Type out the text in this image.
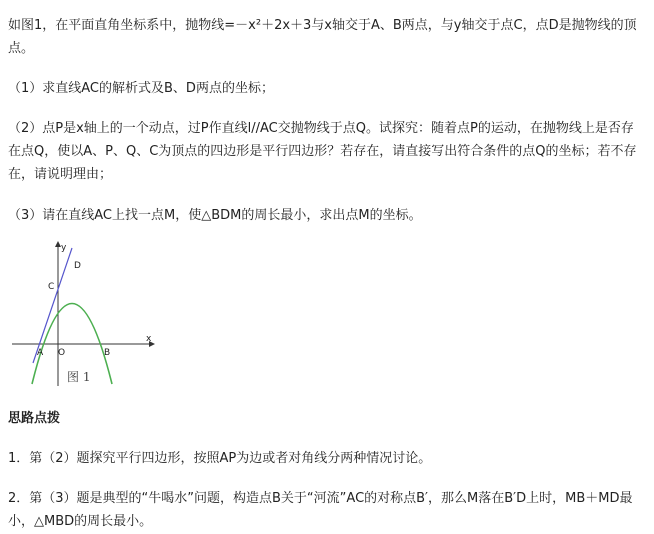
如图1，在平面直角坐标系中，抛物线=－x²＋2x＋3与x轴交于A、B两点，与y轴交于点C，点D是抛物线的顶点。

（1）求直线AC的解析式及B、D两点的坐标；

（2）点P是x轴上的一个动点，过P作直线l//AC交抛物线于点Q。试探究：随着点P的运动，在抛物线上是否存在点Q，使以A、P、Q、C为顶点的四边形是平行四边形？若存在，请直接写出符合条件的点Q的坐标；若不存在，请说明理由；

（3）请在直线AC上找一点M，使△BDM的周长最小，求出点M的坐标。

y
x
D
C
A O	B
图 1
思路点拨

1．第（2）题探究平行四边形，按照AP为边或者对角线分两种情况讨论。

2．第（3）题是典型的“牛喝水”问题，构造点B关于“河流”AC的对称点B′，那么M落在B′D上时，MB＋MD最小，△MBD的周长最小。
